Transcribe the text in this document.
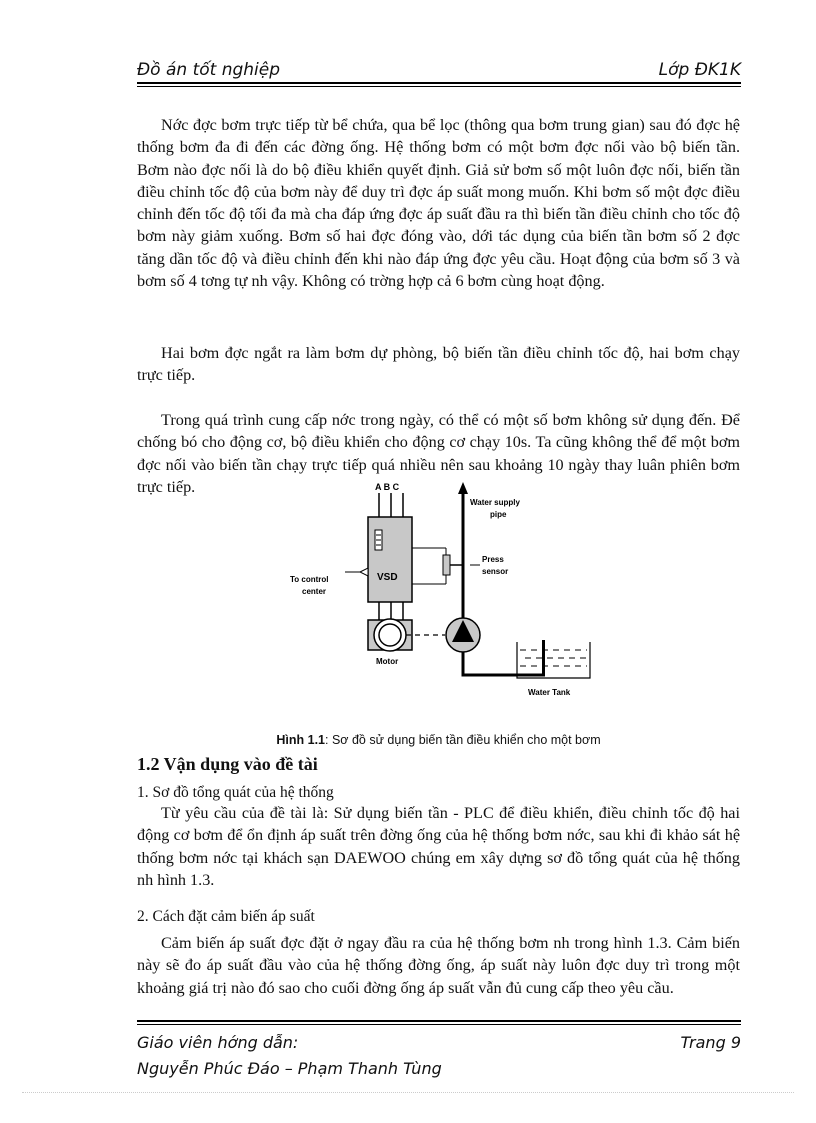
Đồ án tốt nghiệp	Lớp ĐK1K

Nớc đợc bơm trực tiếp từ bể chứa, qua bể lọc (thông qua bơm trung gian) sau đó đợc hệ thống bơm đa đi đến các đờng ống. Hệ thống bơm có một bơm đợc nối vào bộ biến tần. Bơm nào đợc nối là do bộ điều khiển quyết định. Giả sử bơm số một luôn đợc nối, biến tần điều chỉnh tốc độ của bơm này để duy trì đợc áp suất mong muốn. Khi bơm số một đợc điều chỉnh đến tốc độ tối đa mà cha đáp ứng đợc áp suất đầu ra thì biến tần điều chỉnh cho tốc độ bơm này giảm xuống. Bơm số hai đợc đóng vào, dới tác dụng của biến tần bơm số 2 đợc tăng dần tốc độ và điều chỉnh đến khi nào đáp ứng đợc yêu cầu. Hoạt động của bơm số 3 và bơm số 4 tơng tự nh vậy. Không có trờng hợp cả 6 bơm cùng hoạt động.

Hai bơm đợc ngắt ra làm bơm dự phòng, bộ biến tần điều chỉnh tốc độ, hai bơm chạy trực tiếp.

Trong quá trình cung cấp nớc trong ngày, có thể có một số bơm không sử dụng đến. Để chống bó cho động cơ, bộ điều khiển cho động cơ chạy 10s. Ta cũng không thể để một bơm đợc nối vào biến tần chạy trực tiếp quá nhiều nên sau khoảng 10 ngày thay luân phiên bơm trực tiếp.	A B C
VSD
To control
center
Motor
Water supply
pipe
Press
sensor
Water Tank
Hình 1.1: Sơ đồ sử dụng biến tần điều khiển cho một bơm
1.2 Vận dụng vào đề tài
1. Sơ đồ tổng quát của hệ thống

Từ yêu cầu của đề tài là: Sử dụng biến tần - PLC để điều khiển, điều chỉnh tốc độ hai động cơ bơm để ổn định áp suất trên đờng ống của hệ thống bơm nớc, sau khi đi khảo sát hệ thống bơm nớc tại khách sạn DAEWOO chúng em xây dựng sơ đồ tổng quát của hệ thống nh hình 1.3.

2. Cách đặt cảm biến áp suất

Cảm biến áp suất đợc đặt ở ngay đầu ra của hệ thống bơm nh trong hình 1.3. Cảm biến này sẽ đo áp suất đầu vào của hệ thống đờng ống, áp suất này luôn đợc duy trì trong một khoảng giá trị nào đó sao cho cuối đờng ống áp suất vẫn đủ cung cấp theo yêu cầu.

Giáo viên hớng dẫn:	Trang 9
Nguyễn Phúc Đáo – Phạm Thanh Tùng
